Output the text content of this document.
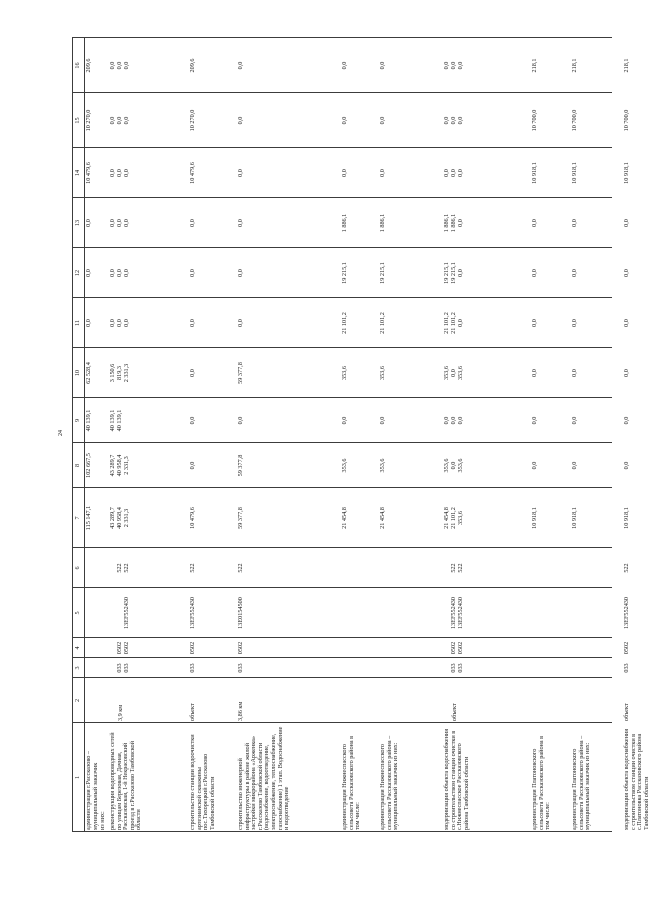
24
1
2
3
4
5
6
7
8
9
10
11
12
13
14
15
16
администрация г.Рассказово – муниципальный заказчик
115 147,1
102 667,5
40 139,1
62 528,4
0,0
0,0
0,0
10 479,6
10 270,0
209,6
из них: реконструкция водопроводных сетей по улицам Березовая, Дачная, Рассказовская, 1-й Некрасовский проезд в г.Рассказово Тамбовской области
3,9 км
033 033
0502 0502
13ЕF552430
522 522
43 289,7 40 958,4 2 331,3
43 289,7 40 958,4 2 331,3
40 139,1 40 139,1
3 150,6 819,3 2 331,3
0,0 0,0 0,0
0,0 0,0 0,0
0,0 0,0 0,0
0,0 0,0 0,0
0,0 0,0 0,0
0,0 0,0 0,0
строительство станции водоочистки артезианской скважины пос.Тихорецкий г.Рассказово Тамбовской области
объект
033
0502
13ЕF552430
522
10 479,6
0,0
0,0
0,0
0,0
0,0
0,0
10 479,6
10 270,0
209,6
строительство инженерной инфраструктуры в районе жилой застройки микрорайона «Арженка» г.Рассказово Тамбовской области (водоснабжение, водоотведение, электроснабжение, теплоснабжение, газоснабжение) 1 этап. Водоснабжение и водоотведение
3,86 км
033
0502
13Е0154500
522
59 377,8
59 377,8
0,0
59 377,8
0,0
0,0
0,0
0,0
0,0
0,0
администрация Нижнеспасского сельсовета Рассказовского района в том числе:
21 454,8
353,6
0,0
353,6
21 101,2
19 215,1
1 886,1
0,0
0,0
0,0
администрация Нижнеспасского сельсовета Рассказовского района – муниципальный заказчик из них:
21 454,8
353,6
0,0
353,6
21 101,2
19 215,1
1 886,1
0,0
0,0
0,0
модернизация объекта водоснабжения со строительством станции очистки в с.Нижнеспасское Рассказовского района Тамбовской области
объект
033 033
0502 0502
13ЕF552430 13ЕF552430
522 522
21 454,8 21 101,2 353,6
353,6 0,0 353,6
0,0 0,0 0,0
353,6 0,0 353,6
21 101,2 21 101,2 0,0
19 215,1 19 215,1 0,0
1 886,1 1 886,1 0,0
0,0 0,0 0,0
0,0 0,0 0,0
0,0 0,0 0,0
администрация Платоновского сельсовета Рассказовского района в том числе:
10 918,1
0,0
0,0
0,0
0,0
0,0
0,0
10 918,1
10 700,0
218,1
администрация Платоновского сельсовета Рассказовского района – муниципальный заказчик из них:
10 918,1
0,0
0,0
0,0
0,0
0,0
0,0
10 918,1
10 700,0
218,1
модернизация объекта водоснабжения с строительством станции очистки в с.Платоновка Рассказовского района Тамбовской области
объект
033
0502
13ЕF552430
522
10 918,1
0,0
0,0
0,0
0,0
0,0
0,0
10 918,1
10 700,0
218,1
